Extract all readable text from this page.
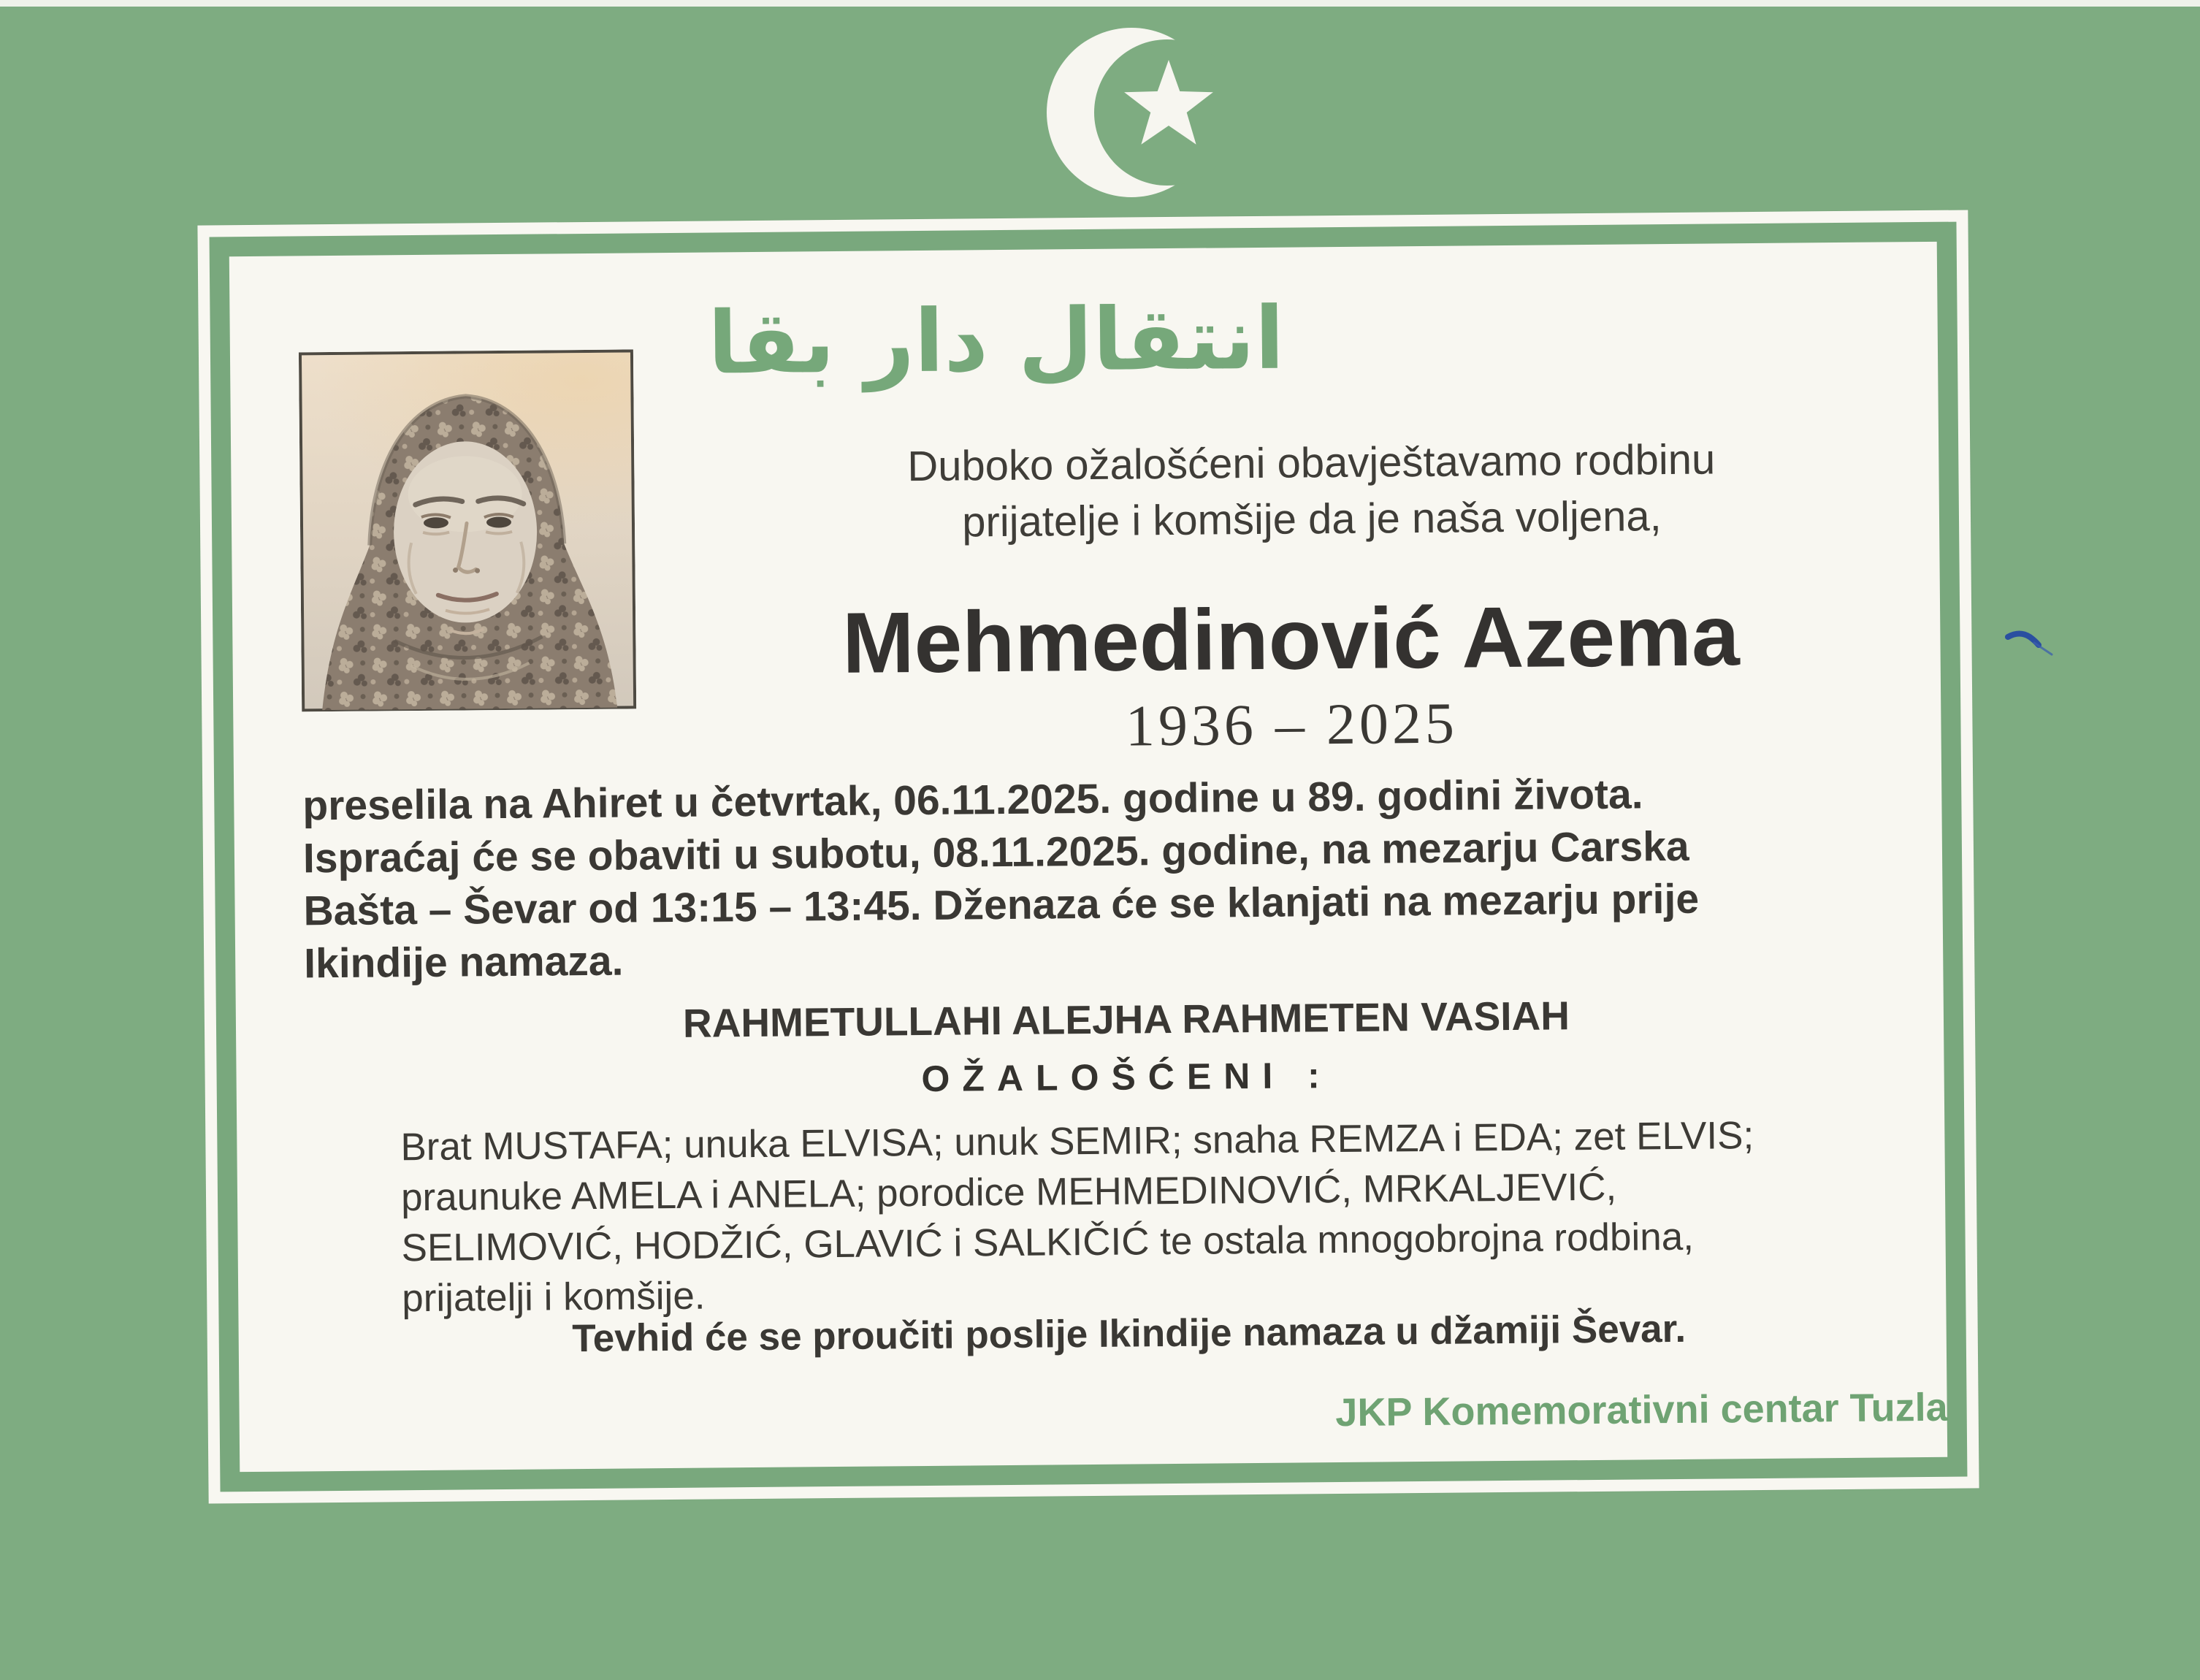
انتقال دار بقا
Duboko ožalošćeni obavještavamo rodbinu
prijatelje i komšije da je naša voljena,
Mehmedinović Azema
1936 – 2025
preselila na Ahiret u četvrtak, 06.11.2025. godine u 89. godini života.
Ispraćaj će se obaviti u subotu, 08.11.2025. godine, na mezarju Carska
Bašta – Ševar od 13:15 – 13:45. Dženaza će se klanjati na mezarju prije
Ikindije namaza.
RAHMETULLAHI ALEJHA RAHMETEN VASIAH
OŽALOŠĆENI :
Brat MUSTAFA; unuka ELVISA; unuk SEMIR; snaha REMZA i EDA; zet ELVIS;
praunuke AMELA i ANELA; porodice MEHMEDINOVIĆ, MRKALJEVIĆ,
SELIMOVIĆ, HODŽIĆ, GLAVIĆ i SALKIČIĆ te ostala mnogobrojna rodbina,
prijatelji i komšije.
Tevhid će se proučiti poslije Ikindije namaza u džamiji Ševar.
JKP Komemorativni centar Tuzla
